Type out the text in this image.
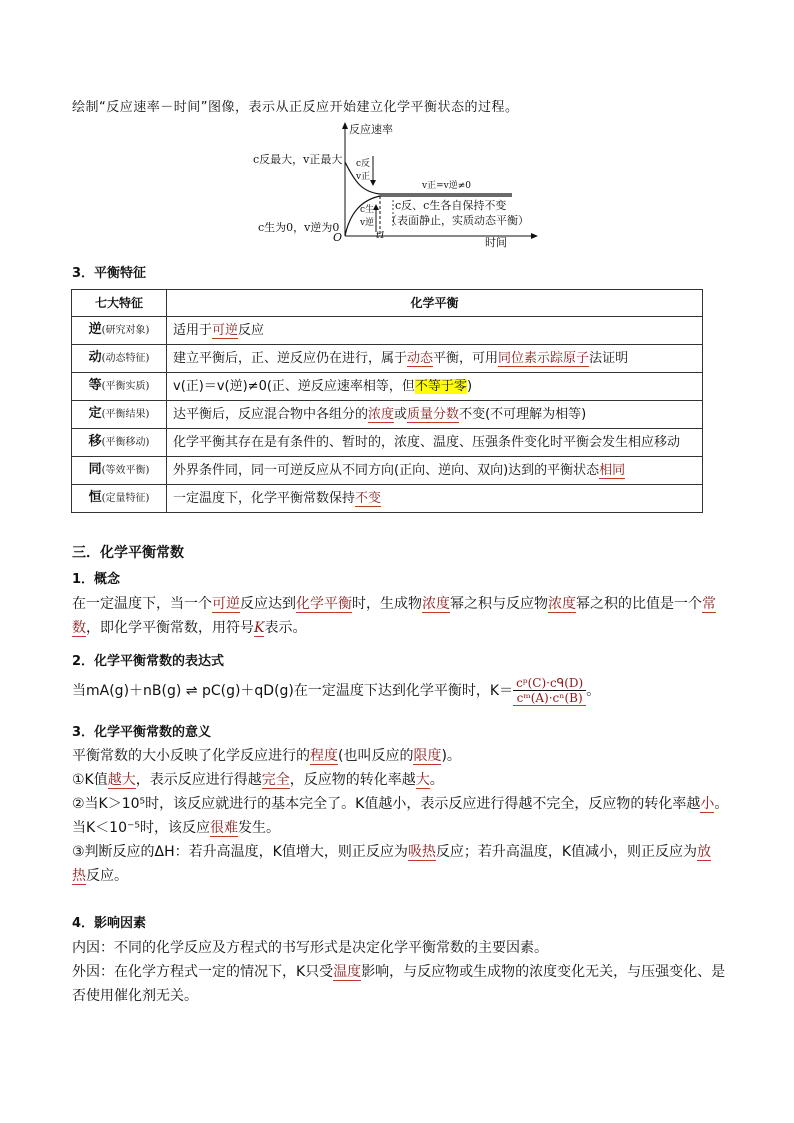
绘制“反应速率－时间”图像，表示从正反应开始建立化学平衡状态的过程。
反应速率
时间
O	t1
c反最大，v正最大
c生为0，v逆为0
c反
v正
c生
v逆
v正=v逆≠0
c反、c生各自保持不变
（表面静止，实质动态平衡）
3．平衡特征
七大特征	化学平衡
逆(研究对象)	适用于可逆反应
动(动态特征)	建立平衡后，正、逆反应仍在进行，属于动态平衡，可用同位素示踪原子法证明
等(平衡实质)	v(正)＝v(逆)≠0(正、逆反应速率相等，但不等于零)
定(平衡结果)	达平衡后，反应混合物中各组分的浓度或质量分数不变(不可理解为相等)
移(平衡移动)	化学平衡其存在是有条件的、暂时的，浓度、温度、压强条件变化时平衡会发生相应移动
同(等效平衡)	外界条件同，同一可逆反应从不同方向(正向、逆向、双向)达到的平衡状态相同
恒(定量特征)	一定温度下，化学平衡常数保持不变
三．化学平衡常数
1．概念
在一定温度下，当一个可逆反应达到化学平衡时，生成物浓度幂之积与反应物浓度幂之积的比值是一个常
数，即化学平衡常数，用符号K表示。
2．化学平衡常数的表达式
当mA(g)＋nB(g) ⇌ pC(g)＋qD(g)在一定温度下达到化学平衡时，$K= \frac{\text{cᵖ(C)·cᑫ(D)}}{\text{cᵐ(A)·cⁿ(B)}}$ 。
3．化学平衡常数的意义
平衡常数的大小反映了化学反应进行的程度(也叫反应的限度)。
①K值越大，表示反应进行得越完全，反应物的转化率越大。
②当K＞10⁵时，该反应就进行的基本完全了。K值越小，表示反应进行得越不完全，反应物的转化率越小。
当K＜10⁻⁵时，该反应很难发生。
③判断反应的ΔH：若升高温度，K值增大，则正反应为吸热反应；若升高温度，K值减小，则正反应为放
热反应。
4．影响因素
内因：不同的化学反应及方程式的书写形式是决定化学平衡常数的主要因素。
外因：在化学方程式一定的情况下，K只受温度影响，与反应物或生成物的浓度变化无关，与压强变化、是
否使用催化剂无关。
